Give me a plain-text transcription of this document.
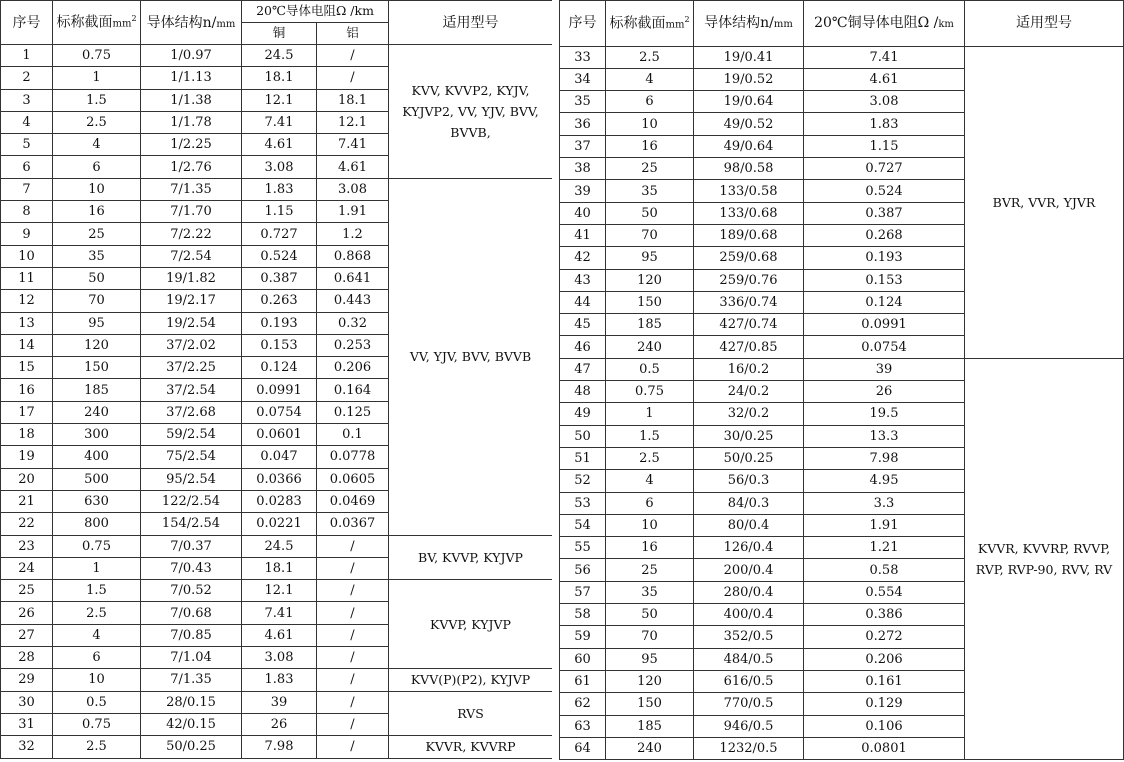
序号	标称截面$mm^2$	导体结构n/mm	20℃导体电阻Ω /km		适用型号
			铜	铝	
1	0.75	1/0.97	24.5	/	KVV, KVVP2, KYJV, KYJVP2, VV, YJV, BVV, BVVB,
2	1	1/1.13	18.1	/	
3	1.5	1/1.38	12.1	18.1	
4	2.5	1/1.78	7.41	12.1	
5	4	1/2.25	4.61	7.41	
6	6	1/2.76	3.08	4.61	
7	10	7/1.35	1.83	3.08	VV, YJV, BVV, BVVB
8	16	7/1.70	1.15	1.91	
9	25	7/2.22	0.727	1.2	
10	35	7/2.54	0.524	0.868	
11	50	19/1.82	0.387	0.641	
12	70	19/2.17	0.263	0.443	
13	95	19/2.54	0.193	0.32	
14	120	37/2.02	0.153	0.253	
15	150	37/2.25	0.124	0.206	
16	185	37/2.54	0.0991	0.164	
17	240	37/2.68	0.0754	0.125	
18	300	59/2.54	0.0601	0.1	
19	400	75/2.54	0.047	0.0778	
20	500	95/2.54	0.0366	0.0605	
21	630	122/2.54	0.0283	0.0469	
22	800	154/2.54	0.0221	0.0367	
23	0.75	7/0.37	24.5	/	BV, KVVP, KYJVP
24	1	7/0.43	18.1	/	
25	1.5	7/0.52	12.1	/	KVVP, KYJVP
26	2.5	7/0.68	7.41	/	
27	4	7/0.85	4.61	/	
28	6	7/1.04	3.08	/	
29	10	7/1.35	1.83	/	KVV(P)(P2), KYJVP
30	0.5	28/0.15	39	/	RVS
31	0.75	42/0.15	26	/	
32	2.5	50/0.25	7.98	/	KVVR, KVVRP
序号	标称截面$mm^2$	导体结构n/mm	20℃铜导体电阻Ω /km	适用型号
33	2.5	19/0.41	7.41	BVR, VVR, YJVR
34	4	19/0.52	4.61	
35	6	19/0.64	3.08	
36	10	49/0.52	1.83	
37	16	49/0.64	1.15	
38	25	98/0.58	0.727	
39	35	133/0.58	0.524	
40	50	133/0.68	0.387	
41	70	189/0.68	0.268	
42	95	259/0.68	0.193	
43	120	259/0.76	0.153	
44	150	336/0.74	0.124	
45	185	427/0.74	0.0991	
46	240	427/0.85	0.0754	
47	0.5	16/0.2	39	KVVR, KVVRP, RVVP, RVP, RVP-90, RVV, RV
48	0.75	24/0.2	26	
49	1	32/0.2	19.5	
50	1.5	30/0.25	13.3	
51	2.5	50/0.25	7.98	
52	4	56/0.3	4.95	
53	6	84/0.3	3.3	
54	10	80/0.4	1.91	
55	16	126/0.4	1.21	
56	25	200/0.4	0.58	
57	35	280/0.4	0.554	
58	50	400/0.4	0.386	
59	70	352/0.5	0.272	
60	95	484/0.5	0.206	
61	120	616/0.5	0.161	
62	150	770/0.5	0.129	
63	185	946/0.5	0.106	
64	240	1232/0.5	0.0801	
